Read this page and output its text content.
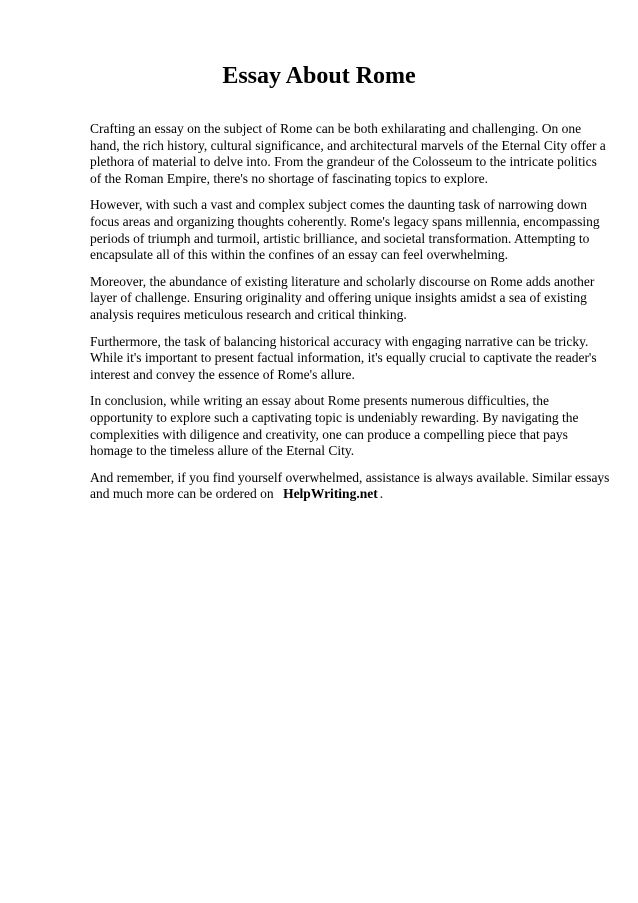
Essay About Rome

Crafting an essay on the subject of Rome can be both exhilarating and challenging. On one hand, the rich history, cultural significance, and architectural marvels of the Eternal City offer a plethora of material to delve into. From the grandeur of the Colosseum to the intricate politics of the Roman Empire, there's no shortage of fascinating topics to explore.

However, with such a vast and complex subject comes the daunting task of narrowing down focus areas and organizing thoughts coherently. Rome's legacy spans millennia, encompassing periods of triumph and turmoil, artistic brilliance, and societal transformation. Attempting to encapsulate all of this within the confines of an essay can feel overwhelming.

Moreover, the abundance of existing literature and scholarly discourse on Rome adds another layer of challenge. Ensuring originality and offering unique insights amidst a sea of existing analysis requires meticulous research and critical thinking.

Furthermore, the task of balancing historical accuracy with engaging narrative can be tricky. While it's important to present factual information, it's equally crucial to captivate the reader's interest and convey the essence of Rome's allure.

In conclusion, while writing an essay about Rome presents numerous difficulties, the opportunity to explore such a captivating topic is undeniably rewarding. By navigating the complexities with diligence and creativity, one can produce a compelling piece that pays homage to the timeless allure of the Eternal City.

And remember, if you find yourself overwhelmed, assistance is always available. Similar essays and much more can be ordered on HelpWriting.net .
